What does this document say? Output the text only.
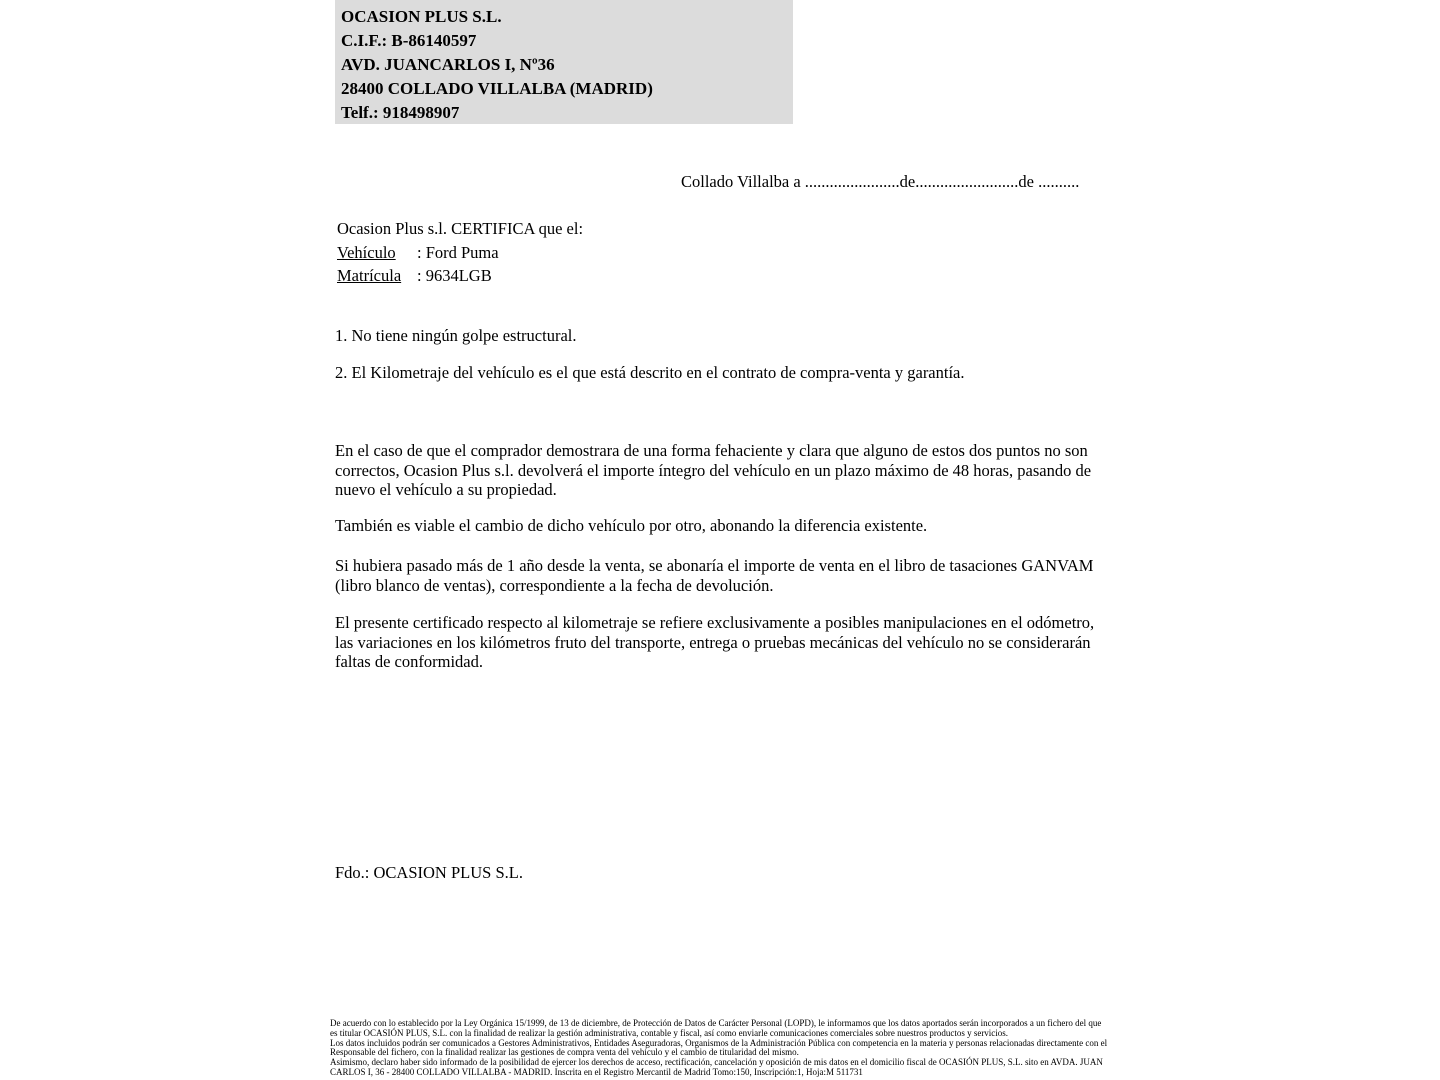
OCASION PLUS S.L.
C.I.F.: B-86140597
AVD. JUANCARLOS I, Nº36
28400 COLLADO VILLALBA (MADRID)
Telf.: 918498907
Collado Villalba a .......................de.........................de ..........
Ocasion Plus s.l. CERTIFICA que el:
Vehículo : Ford Puma
Matrícula : 9634LGB
1. No tiene ningún golpe estructural.
2. El Kilometraje del vehículo es el que está descrito en el contrato de compra-venta y garantía.
En el caso de que el comprador demostrara de una forma fehaciente y clara que alguno de estos dos puntos no son correctos, Ocasion Plus s.l. devolverá el importe íntegro del vehículo en un plazo máximo de 48 horas, pasando de nuevo el vehículo a su propiedad.
También es viable el cambio de dicho vehículo por otro, abonando la diferencia existente.
Si hubiera pasado más de 1 año desde la venta, se abonaría el importe de venta en el libro de tasaciones GANVAM (libro blanco de ventas), correspondiente a la fecha de devolución.
El presente certificado respecto al kilometraje se refiere exclusivamente a posibles manipulaciones en el odómetro, las variaciones en los kilómetros fruto del transporte, entrega o pruebas mecánicas del vehículo no se considerarán faltas de conformidad.
Fdo.: OCASION PLUS S.L.

De acuerdo con lo establecido por la Ley Orgánica 15/1999, de 13 de diciembre, de Protección de Datos de Carácter Personal (LOPD), le informamos que los datos aportados serán incorporados a un fichero del que es titular OCASIÓN PLUS, S.L. con la finalidad de realizar la gestión administrativa, contable y fiscal, así como enviarle comunicaciones comerciales sobre nuestros productos y servicios.

Los datos incluidos podrán ser comunicados a Gestores Administrativos, Entidades Aseguradoras, Organismos de la Administración Pública con competencia en la materia y personas relacionadas directamente con el Responsable del fichero, con la finalidad realizar las gestiones de compra venta del vehículo y el cambio de titularidad del mismo.

Asimismo, declaro haber sido informado de la posibilidad de ejercer los derechos de acceso, rectificación, cancelación y oposición de mis datos en el domicilio fiscal de OCASIÓN PLUS, S.L. sito en AVDA. JUAN CARLOS I, 36 - 28400 COLLADO VILLALBA - MADRID. Inscrita en el Registro Mercantil de Madrid Tomo:150, Inscripción:1, Hoja:M 511731
